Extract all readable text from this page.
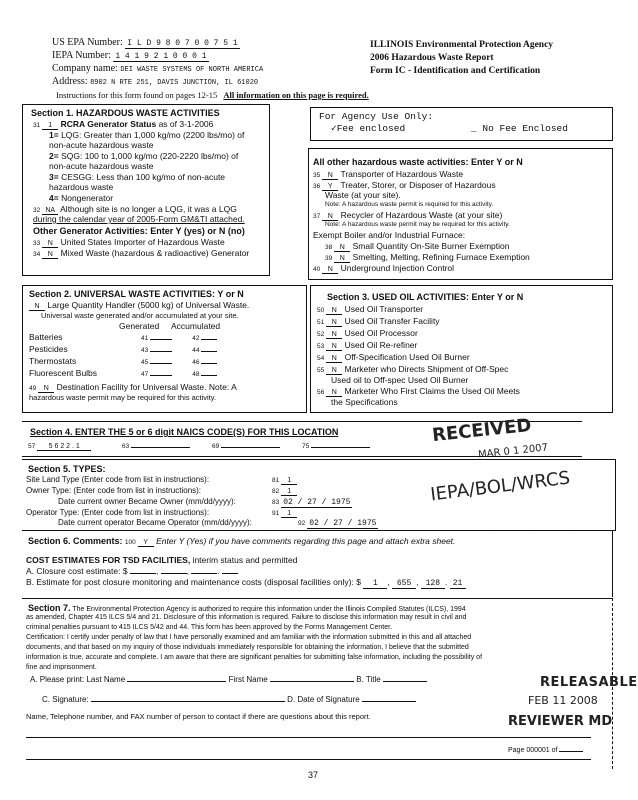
US EPA Number: I L D 9 8 0 7 0 0 7 5 1
IEPA Number: 1 4 1 9 2 1 0 0 0 1
Company name: DEI WASTE SYSTEMS OF NORTH AMERICA
Address: 8902 N RTE 251, DAVIS JUNCTION, IL 61020
ILLINOIS Environmental Protection Agency
2006 Hazardous Waste Report
Form IC - Identification and Certification
Instructions for this form found on pages 12-15 All information on this page is required.
Section 1. HAZARDOUS WASTE ACTIVITIES
31 1 RCRA Generator Status as of 3-1-2006
1= LQG: Greater than 1,000 kg/mo (2200 lbs/mo) of
non-acute hazardous waste
2= SQG: 100 to 1,000 kg/mo (220-2220 lbs/mo) of
non-acute hazardous waste
3= CESGG: Less than 100 kg/mo of non-acute
hazardous waste
4= Nongenerator
32 NA Although site is no longer a LQG, it was a LQG
during the calendar year of 2005-Form GM&TI attached.
Other Generator Activities: Enter Y (yes) or N (no)
33 N United States Importer of Hazardous Waste
34 N Mixed Waste (hazardous & radioactive) Generator
For Agency Use Only:
✓Fee enclosed	_ No Fee Enclosed
All other hazardous waste activities: Enter Y or N
35 N Transporter of Hazardous Waste
36 Y Treater, Storer, or Disposer of Hazardous
Waste (at your site).
Note: A hazardous waste permit is required for this activity.
37 N Recycler of Hazardous Waste (at your site)
Note: A hazardous waste permit may be required for this activity.
Exempt Boiler and/or Industrial Furnace:
38 N Small Quantity On-Site Burner Exemption
39 N Smelting, Melting, Refining Furnace Exemption
40 N Underground Injection Control
Section 2. UNIVERSAL WASTE ACTIVITIES: Y or N
N Large Quantity Handler (5000 kg) of Universal Waste.
Universal waste generated and/or accumulated at your site.
Generated Accumulated
Batteries	41	42
Pesticides	43	44
Thermostats	45	46
Fluorescent Bulbs	47	48
49 N Destination Facility for Universal Waste. Note: A
hazardous waste permit may be required for this activity.
Section 3. USED OIL ACTIVITIES: Enter Y or N
50 N Used Oil Transporter
51 N Used Oil Transfer Facility
52 N Used Oil Processor
53 N Used Oil Re-refiner
54 N Off-Specification Used Oil Burner
55 N Marketer who Directs Shipment of Off-Spec
Used oil to Off-spec Used Oil Burner
56 N Marketer Who First Claims the Used Oil Meets
the Specifications
Section 4. ENTER THE 5 or 6 digit NAICS CODE(S) FOR THIS LOCATION
57 5 6 2 2 . 1	63	69	75
Section 5. TYPES:
Site Land Type (Enter code from list in instructions):	81 1
Owner Type: (Enter code from list in instructions):	82 1
Date current owner Became Owner (mm/dd/yyyy):	83 02 / 27 / 1975
Operator Type: (Enter code from list in instructions):	91 1
Date current operator Became Operator (mm/dd/yyyy):	92 02 / 27 / 1975
Section 6. Comments: 100 Y Enter Y (Yes) if you have comments regarding this page and attach extra sheet.
COST ESTIMATES FOR TSD FACILITIES, interim status and permitted
A. Closure cost estimate: $	,	,	.
B. Estimate for post closure monitoring and maintenance costs (disposal facilities only): $ 1 , 655 , 128 . 21
Section 7. The Environmental Protection Agency is authorized to require this information under the Illinois Compiled Statutes (ILCS), 1994
as amended, Chapter 415 ILCS 5/4 and 21. Disclosure of this information is required. Failure to disclose this information may result in civil and
criminal penalties pursuant to 415 ILCS 5/42 and 44. This form has been approved by the Forms Management Center.
Certification: I certify under penalty of law that I have personally examined and am familiar with the information submitted in this and all attached
documents, and that based on my inquiry of those individuals immediately responsible for obtaining the information, I believe that the submitted
information is true, accurate and complete. I am aware that there are significant penalties for submitting false information, including the possibility of
fine and imprisonment.
A. Please print: Last Name	First Name	B. Title
C. Signature:	D. Date of Signature
Name, Telephone number, and FAX number of person to contact if there are questions about this report.
Page 000001 of
37
RECEIVED
MAR 0 1 2007
IEPA/BOL/WRCS
RELEASABLE
FEB 11 2008
REVIEWER MD
